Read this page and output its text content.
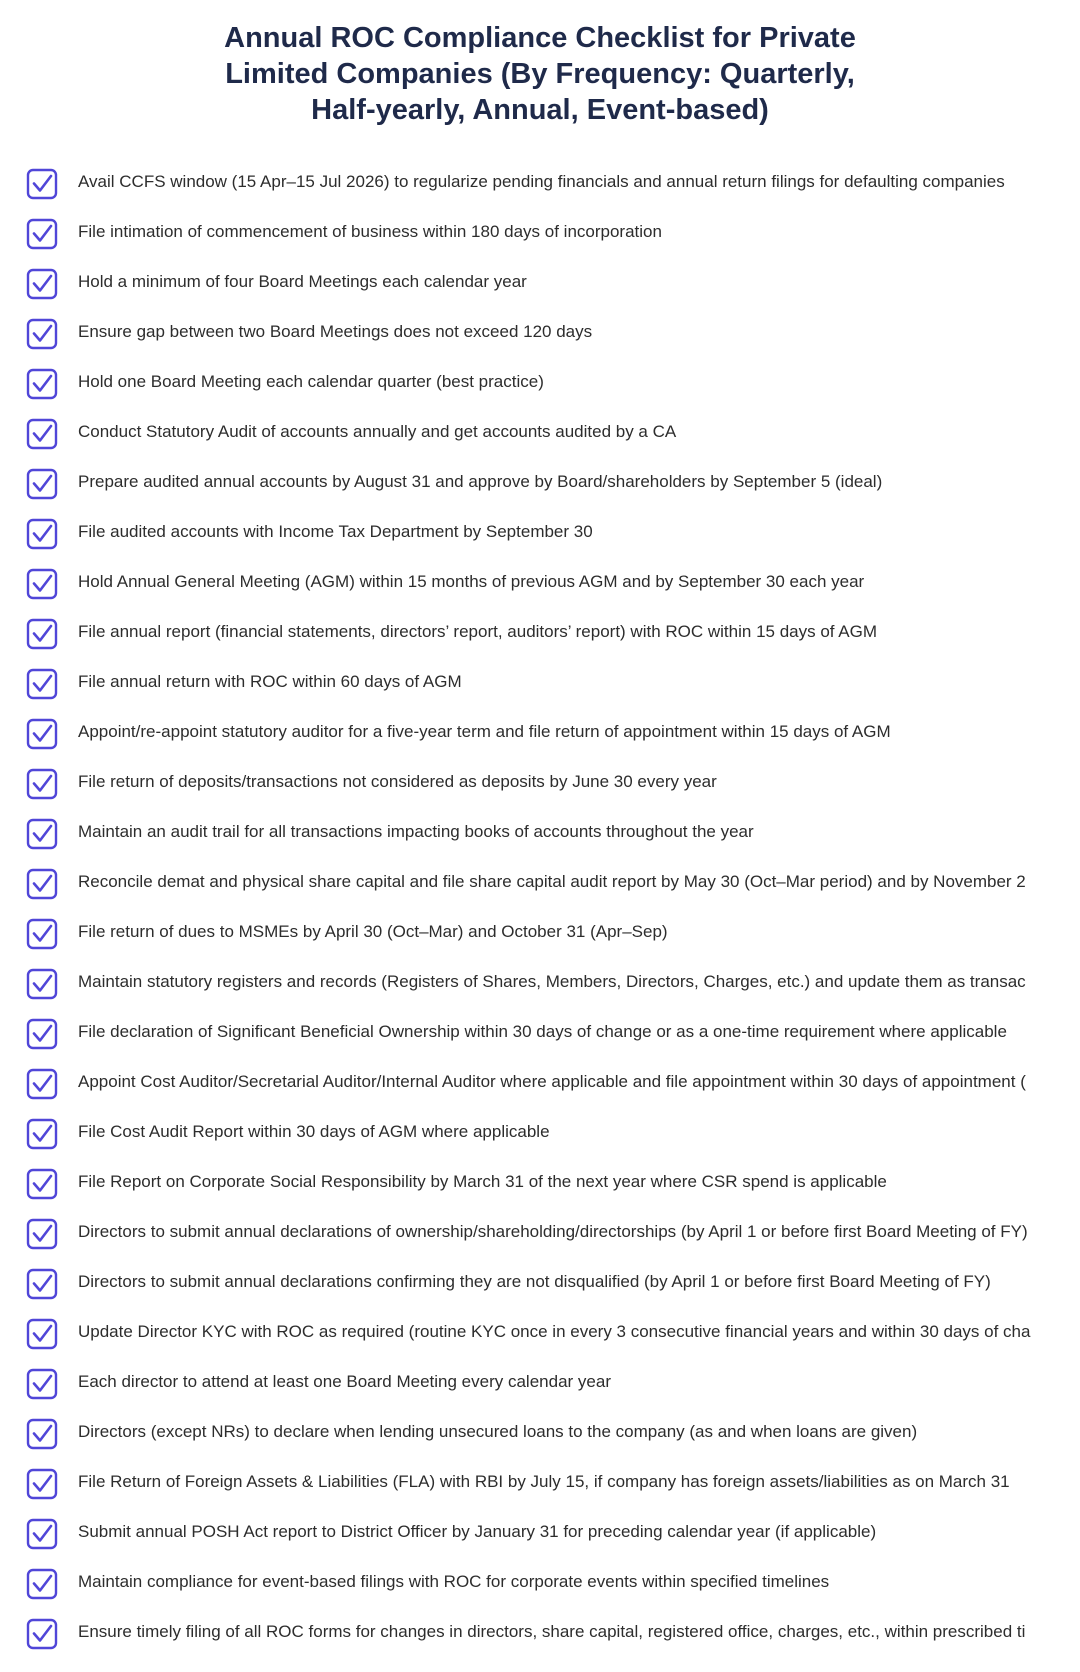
Annual ROC Compliance Checklist for Private
Limited Companies (By Frequency: Quarterly,
Half-yearly, Annual, Event-based)
Avail CCFS window (15 Apr–15 Jul 2026) to regularize pending financials and annual return filings for defaulting companies
File intimation of commencement of business within 180 days of incorporation
Hold a minimum of four Board Meetings each calendar year
Ensure gap between two Board Meetings does not exceed 120 days
Hold one Board Meeting each calendar quarter (best practice)
Conduct Statutory Audit of accounts annually and get accounts audited by a CA
Prepare audited annual accounts by August 31 and approve by Board/shareholders by September 5 (ideal)
File audited accounts with Income Tax Department by September 30
Hold Annual General Meeting (AGM) within 15 months of previous AGM and by September 30 each year
File annual report (financial statements, directors’ report, auditors’ report) with ROC within 15 days of AGM
File annual return with ROC within 60 days of AGM
Appoint/re-appoint statutory auditor for a five-year term and file return of appointment within 15 days of AGM
File return of deposits/transactions not considered as deposits by June 30 every year
Maintain an audit trail for all transactions impacting books of accounts throughout the year
Reconcile demat and physical share capital and file share capital audit report by May 30 (Oct–Mar period) and by November 2
File return of dues to MSMEs by April 30 (Oct–Mar) and October 31 (Apr–Sep)
Maintain statutory registers and records (Registers of Shares, Members, Directors, Charges, etc.) and update them as transac
File declaration of Significant Beneficial Ownership within 30 days of change or as a one-time requirement where applicable
Appoint Cost Auditor/Secretarial Auditor/Internal Auditor where applicable and file appointment within 30 days of appointment (
File Cost Audit Report within 30 days of AGM where applicable
File Report on Corporate Social Responsibility by March 31 of the next year where CSR spend is applicable
Directors to submit annual declarations of ownership/shareholding/directorships (by April 1 or before first Board Meeting of FY)
Directors to submit annual declarations confirming they are not disqualified (by April 1 or before first Board Meeting of FY)
Update Director KYC with ROC as required (routine KYC once in every 3 consecutive financial years and within 30 days of cha
Each director to attend at least one Board Meeting every calendar year
Directors (except NRs) to declare when lending unsecured loans to the company (as and when loans are given)
File Return of Foreign Assets & Liabilities (FLA) with RBI by July 15, if company has foreign assets/liabilities as on March 31
Submit annual POSH Act report to District Officer by January 31 for preceding calendar year (if applicable)
Maintain compliance for event-based filings with ROC for corporate events within specified timelines
Ensure timely filing of all ROC forms for changes in directors, share capital, registered office, charges, etc., within prescribed ti
